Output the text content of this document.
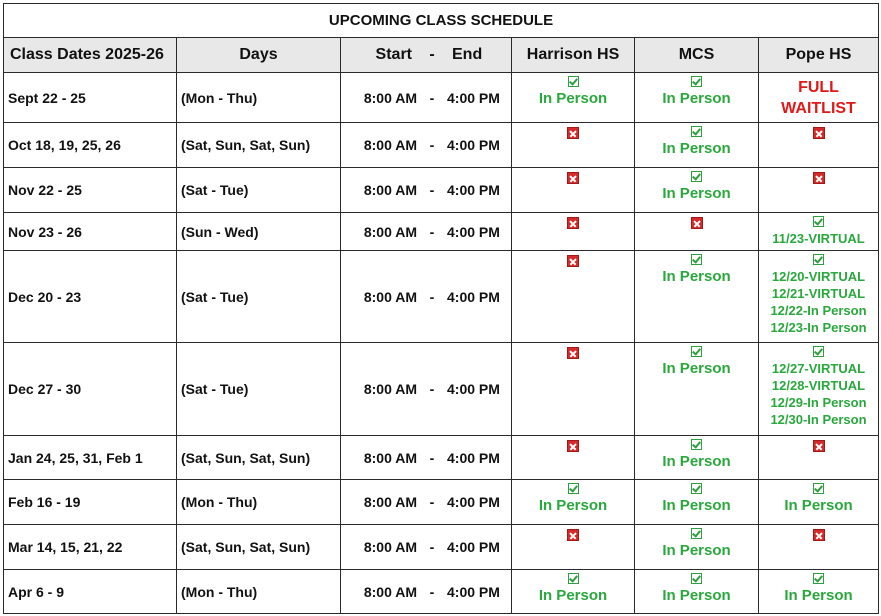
UPCOMING CLASS SCHEDULE					
Class Dates 2025-26	Days	Start - End	Harrison HS	MCS	Pope HS
Sept 22 - 25	(Mon - Thu)	8:00 AM - 4:00 PM	In Person	In Person	FULL
WAITLIST

Oct 18, 19, 25, 26	(Sat, Sun, Sat, Sun)	8:00 AM - 4:00 PM		In Person	

Nov 22 - 25	(Sat - Tue)	8:00 AM - 4:00 PM		In Person	

Nov 23 - 26	(Sun - Wed)	8:00 AM - 4:00 PM			11/23-VIRTUAL

Dec 20 - 23	(Sat - Tue)	8:00 AM - 4:00 PM		In Person	12/20-VIRTUAL
12/21-VIRTUAL
12/22-In Person
12/23-In Person

Dec 27 - 30	(Sat - Tue)	8:00 AM - 4:00 PM		In Person	12/27-VIRTUAL
12/28-VIRTUAL
12/29-In Person
12/30-In Person

Jan 24, 25, 31, Feb 1	(Sat, Sun, Sat, Sun)	8:00 AM - 4:00 PM		In Person	

Feb 16 - 19	(Mon - Thu)	8:00 AM - 4:00 PM	In Person	In Person	In Person

Mar 14, 15, 21, 22	(Sat, Sun, Sat, Sun)	8:00 AM - 4:00 PM		In Person	

Apr 6 - 9	(Mon - Thu)	8:00 AM - 4:00 PM	In Person	In Person	In Person
